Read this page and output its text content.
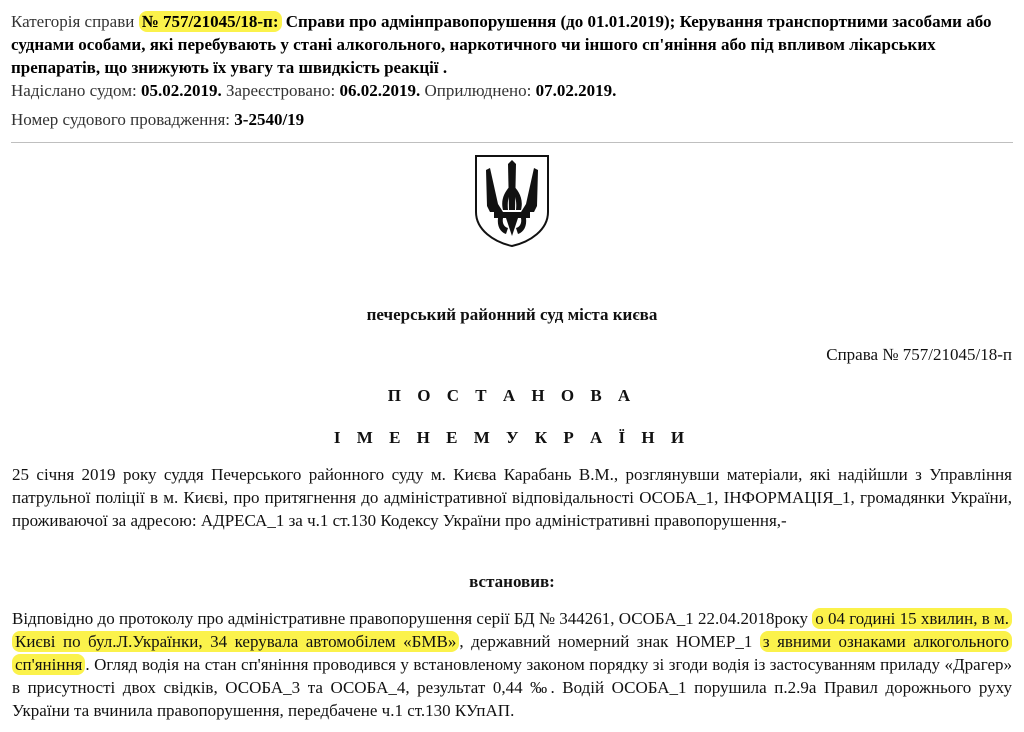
Категорія справи № 757/21045/18-п: Справи про адмінправопорушення (до 01.01.2019); Керування транспортними засобами або суднами особами, які перебувають у стані алкогольного, наркотичного чи іншого сп'яніння або під впливом лікарських препаратів, що знижують їх увагу та швидкість реакції .
Надіслано судом: 05.02.2019. Зареєстровано: 06.02.2019. Оприлюднено: 07.02.2019.
Номер судового провадження: 3-2540/19
печерський районний суд міста києва
Справа № 757/21045/18-п
П О С Т А Н О В А
І М Е Н Е М У К Р А Ї Н И
25 січня 2019 року суддя Печерського районного суду м. Києва Карабань В.М., розглянувши матеріали, які надійшли з Управління патрульної поліції в м. Києві, про притягнення до адміністративної відповідальності ОСОБА_1, ІНФОРМАЦІЯ_1, громадянки України, проживаючої за адресою: АДРЕСА_1 за ч.1 ст.130 Кодексу України про адміністративні правопорушення,-
встановив:
Відповідно до протоколу про адміністративне правопорушення серії БД № 344261, ОСОБА_1 22.04.2018року о 04 годині 15 хвилин, в м. Києві по бул.Л.Українки, 34 керувала автомобілем «БМВ» , державний номерний знак НОМЕР_1 з явними ознаками алкогольного сп'яніння . Огляд водія на стан сп'яніння проводився у встановленому законом порядку зі згоди водія із застосуванням приладу «Драгер» в присутності двох свідків, ОСОБА_3 та ОСОБА_4, результат 0,44 ‰. Водій ОСОБА_1 порушила п.2.9а Правил дорожнього руху України та вчинила правопорушення, передбачене ч.1 ст.130 КУпАП.
